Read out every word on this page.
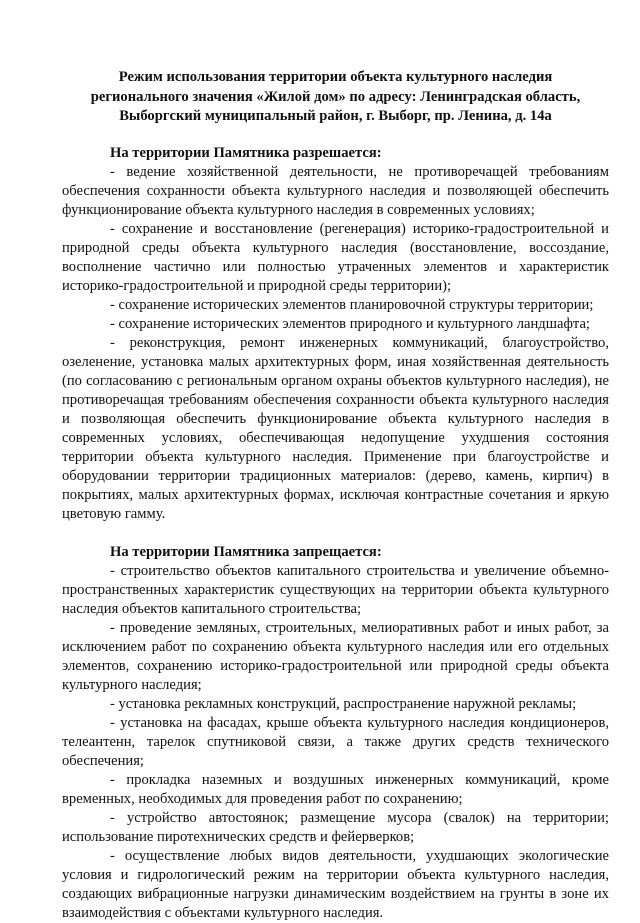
Режим использования территории объекта культурного наследия
регионального значения «Жилой дом» по адресу: Ленинградская область,
Выборгский муниципальный район, г. Выборг, пр. Ленина, д. 14а

На территории Памятника разрешается:

- ведение хозяйственной деятельности, не противоречащей требованиям обеспечения сохранности объекта культурного наследия и позволяющей обеспечить функционирование объекта культурного наследия в современных условиях;

- сохранение и восстановление (регенерация) историко-градостроительной и природной среды объекта культурного наследия (восстановление, воссоздание, восполнение частично или полностью утраченных элементов и характеристик историко-градостроительной и природной среды территории);

- сохранение исторических элементов планировочной структуры территории;

- сохранение исторических элементов природного и культурного ландшафта;

- реконструкция, ремонт инженерных коммуникаций, благоустройство, озеленение, установка малых архитектурных форм, иная хозяйственная деятельность (по согласованию с региональным органом охраны объектов культурного наследия), не противоречащая требованиям обеспечения сохранности объекта культурного наследия и позволяющая обеспечить функционирование объекта культурного наследия в современных условиях, обеспечивающая недопущение ухудшения состояния территории объекта культурного наследия. Применение при благоустройстве и оборудовании территории традиционных материалов: (дерево, камень, кирпич) в покрытиях, малых архитектурных формах, исключая контрастные сочетания и яркую цветовую гамму.

На территории Памятника запрещается:

- строительство объектов капитального строительства и увеличение объемно-пространственных характеристик существующих на территории объекта культурного наследия объектов капитального строительства;

- проведение земляных, строительных, мелиоративных работ и иных работ, за исключением работ по сохранению объекта культурного наследия или его отдельных элементов, сохранению историко-градостроительной или природной среды объекта культурного наследия;

- установка рекламных конструкций, распространение наружной рекламы;

- установка на фасадах, крыше объекта культурного наследия кондиционеров, телеантенн, тарелок спутниковой связи, а также других средств технического обеспечения;

- прокладка наземных и воздушных инженерных коммуникаций, кроме временных, необходимых для проведения работ по сохранению;

- устройство автостоянок; размещение мусора (свалок) на территории; использование пиротехнических средств и фейерверков;

- осуществление любых видов деятельности, ухудшающих экологические условия и гидрологический режим на территории объекта культурного наследия, создающих вибрационные нагрузки динамическим воздействием на грунты в зоне их взаимодействия с объектами культурного наследия.
